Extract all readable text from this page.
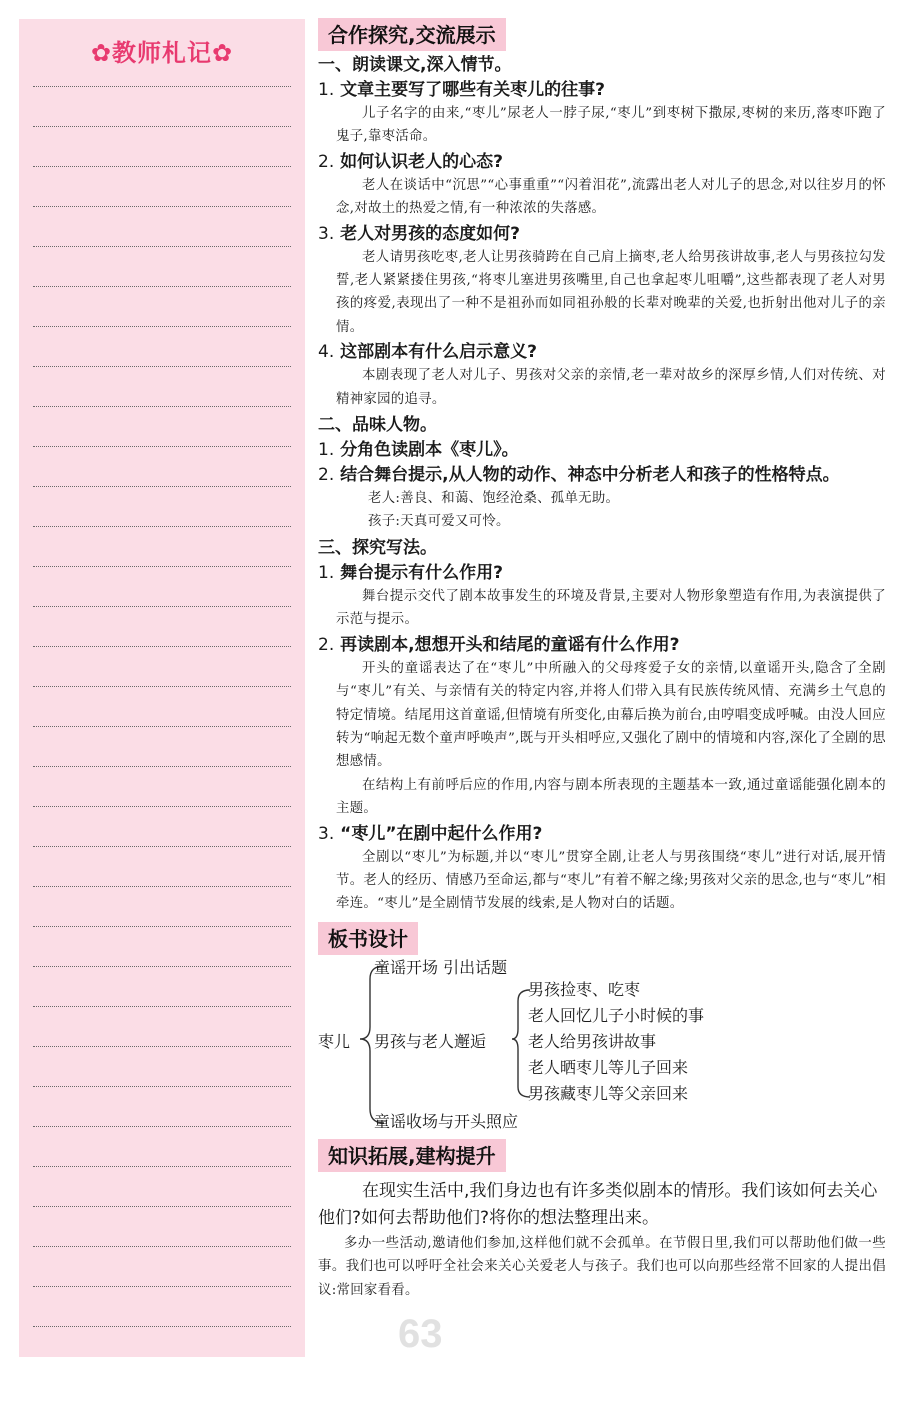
✿教师札记✿
合作探究,交流展示
一、朗读课文,深入情节。
1. 文章主要写了哪些有关枣儿的往事?
儿子名字的由来,“枣儿”尿老人一脖子尿,“枣儿”到枣树下撒尿,枣树的来历,落枣吓跑了鬼子,靠枣活命。
2. 如何认识老人的心态?
老人在谈话中“沉思”“心事重重”“闪着泪花”,流露出老人对儿子的思念,对以往岁月的怀念,对故土的热爱之情,有一种浓浓的失落感。
3. 老人对男孩的态度如何?
老人请男孩吃枣,老人让男孩骑跨在自己肩上摘枣,老人给男孩讲故事,老人与男孩拉勾发誓,老人紧紧搂住男孩,“将枣儿塞进男孩嘴里,自己也拿起枣儿咀嚼”,这些都表现了老人对男孩的疼爱,表现出了一种不是祖孙而如同祖孙般的长辈对晚辈的关爱,也折射出他对儿子的亲情。
4. 这部剧本有什么启示意义?
本剧表现了老人对儿子、男孩对父亲的亲情,老一辈对故乡的深厚乡情,人们对传统、对精神家园的追寻。
二、品味人物。
1. 分角色读剧本《枣儿》。
2. 结合舞台提示,从人物的动作、神态中分析老人和孩子的性格特点。
老人:善良、和蔼、饱经沧桑、孤单无助。
孩子:天真可爱又可怜。
三、探究写法。
1. 舞台提示有什么作用?
舞台提示交代了剧本故事发生的环境及背景,主要对人物形象塑造有作用,为表演提供了示范与提示。
2. 再读剧本,想想开头和结尾的童谣有什么作用?
开头的童谣表达了在“枣儿”中所融入的父母疼爱子女的亲情,以童谣开头,隐含了全剧与“枣儿”有关、与亲情有关的特定内容,并将人们带入具有民族传统风情、充满乡土气息的特定情境。结尾用这首童谣,但情境有所变化,由幕后换为前台,由哼唱变成呼喊。由没人回应转为“响起无数个童声呼唤声”,既与开头相呼应,又强化了剧中的情境和内容,深化了全剧的思想感情。
在结构上有前呼后应的作用,内容与剧本所表现的主题基本一致,通过童谣能强化剧本的主题。
3. “枣儿”在剧中起什么作用?
全剧以“枣儿”为标题,并以“枣儿”贯穿全剧,让老人与男孩围绕“枣儿”进行对话,展开情节。老人的经历、情感乃至命运,都与“枣儿”有着不解之缘;男孩对父亲的思念,也与“枣儿”相牵连。“枣儿”是全剧情节发展的线索,是人物对白的话题。
板书设计
枣儿
童谣开场 引出话题
男孩与老人邂逅
童谣收场与开头照应
男孩捡枣、吃枣
老人回忆儿子小时候的事
老人给男孩讲故事
老人晒枣儿等儿子回来
男孩藏枣儿等父亲回来
知识拓展,建构提升
在现实生活中,我们身边也有许多类似剧本的情形。我们该如何去关心他们?如何去帮助他们?将你的想法整理出来。
多办一些活动,邀请他们参加,这样他们就不会孤单。在节假日里,我们可以帮助他们做一些事。我们也可以呼吁全社会来关心关爱老人与孩子。我们也可以向那些经常不回家的人提出倡议:常回家看看。
63
